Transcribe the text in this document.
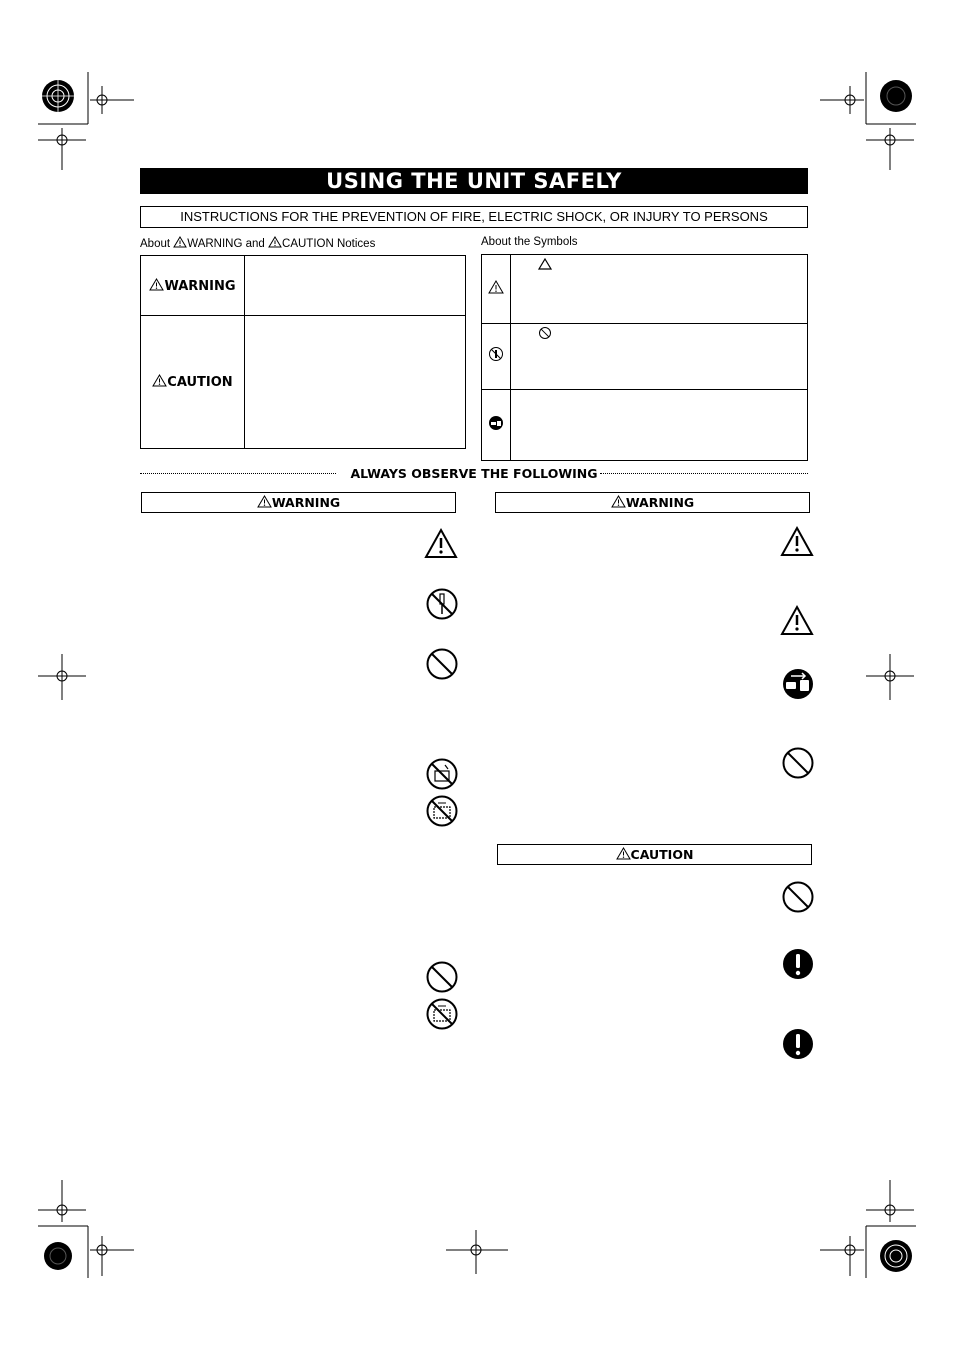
USING THE UNIT SAFELY
INSTRUCTIONS FOR THE PREVENTION OF FIRE, ELECTRIC SHOCK, OR INJURY TO PERSONS
About WARNING and CAUTION Notices
WARNING	
CAUTION	
About the Symbols

ALWAYS OBSERVE THE FOLLOWING
WARNING	WARNING
CAUTION
